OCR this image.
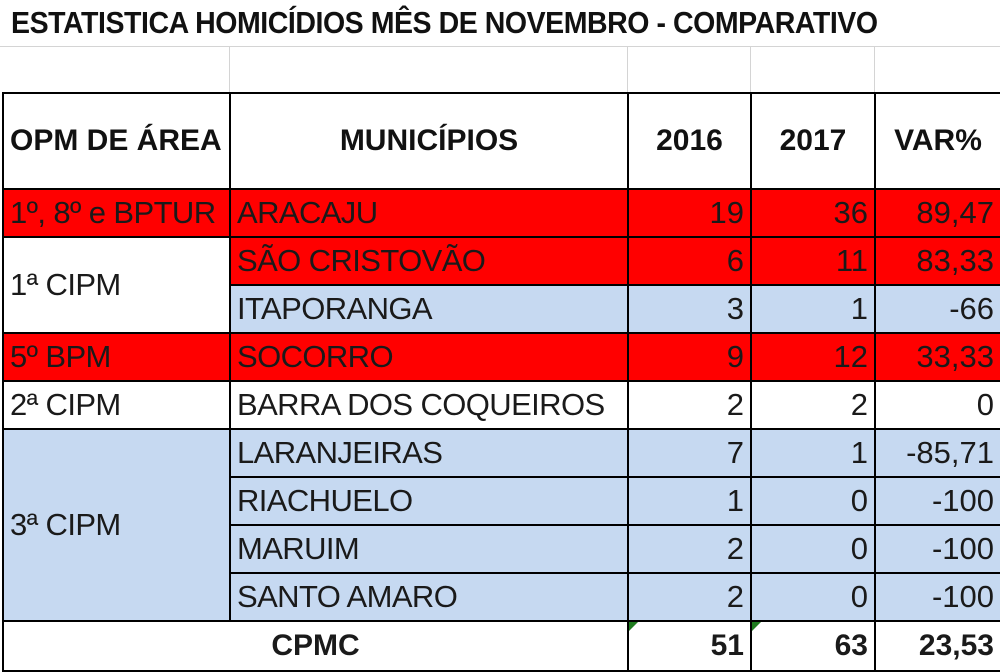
ESTATISTICA HOMICÍDIOS MÊS DE NOVEMBRO - COMPARATIVO
OPM DE ÁREA	MUNICÍPIOS	2016	2017	VAR%
1º, 8º e BPTUR	ARACAJU	19	36	89,47
1ª CIPM	SÃO CRISTOVÃO	6	11	83,33
	ITAPORANGA	3	1	-66
5º BPM	SOCORRO	9	12	33,33
2ª CIPM	BARRA DOS COQUEIROS	2	2	0
3ª CIPM	LARANJEIRAS	7	1	-85,71
	RIACHUELO	1	0	-100
	MARUIM	2	0	-100
	SANTO AMARO	2	0	-100
CPMC		51	63	23,53
